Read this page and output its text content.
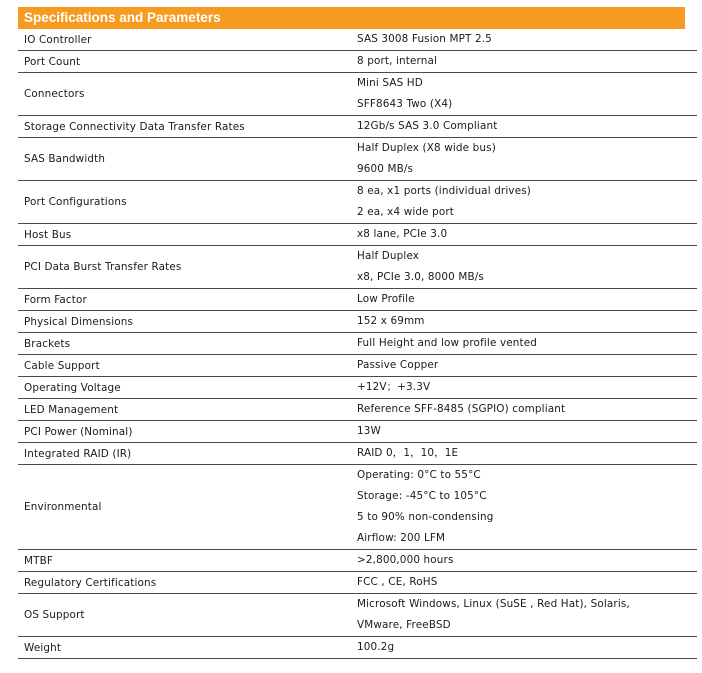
Specifications and Parameters
IO Controller	SAS 3008 Fusion MPT 2.5

Port Count	8 port, internal

Connectors	Mini SAS HD
SFF8643 Two (X4)

Storage Connectivity Data Transfer Rates	12Gb/s SAS 3.0 Compliant

SAS Bandwidth	Half Duplex (X8 wide bus)
9600 MB/s

Port Configurations	8 ea, x1 ports (individual drives)
2 ea, x4 wide port

Host Bus	x8 lane, PCIe 3.0

PCI Data Burst Transfer Rates	Half Duplex
x8, PCIe 3.0, 8000 MB/s

Form Factor	Low Profile

Physical Dimensions	152 x 69mm

Brackets	Full Height and low profile vented

Cable Support	Passive Copper

Operating Voltage	+12V；+3.3V

LED Management	Reference SFF-8485 (SGPIO) compliant

PCI Power (Nominal)	13W

Integrated RAID (IR)	RAID 0，1，10，1E

Environmental	Operating: 0°C to 55°C
Storage: -45°C to 105°C
5 to 90% non-condensing
Airflow: 200 LFM

MTBF	>2,800,000 hours

Regulatory Certifications	FCC , CE, RoHS

OS Support	Microsoft Windows, Linux (SuSE , Red Hat), Solaris,
VMware, FreeBSD

Weight	100.2g
